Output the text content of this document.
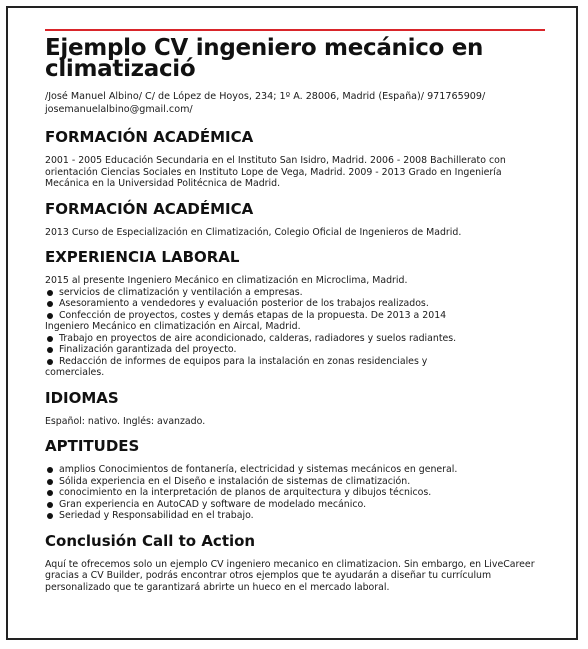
Ejemplo CV ingeniero mecánico en climatizació
/José Manuel Albino/ C/ de López de Hoyos, 234; 1º A. 28006, Madrid (España)/ 971765909/ josemanuelalbino@gmail.com/
FORMACIÓN ACADÉMICA
2001 - 2005 Educación Secundaria en el Instituto San Isidro, Madrid. 2006 - 2008 Bachillerato con orientación Ciencias Sociales en Instituto Lope de Vega, Madrid. 2009 - 2013 Grado en Ingeniería Mecánica en la Universidad Politécnica de Madrid.
FORMACIÓN ACADÉMICA
2013 Curso de Especialización en Climatización, Colegio Oficial de Ingenieros de Madrid.
EXPERIENCIA LABORAL
2015 al presente Ingeniero Mecánico en climatización en Microclima, Madrid.
servicios de climatización y ventilación a empresas.
Asesoramiento a vendedores y evaluación posterior de los trabajos realizados.
Confección de proyectos, costes y demás etapas de la propuesta. De 2013 a 2014
Ingeniero Mecánico en climatización en Aircal, Madrid.
Trabajo en proyectos de aire acondicionado, calderas, radiadores y suelos radiantes.
Finalización garantizada del proyecto.
Redacción de informes de equipos para la instalación en zonas residenciales y
comerciales.
IDIOMAS
Español: nativo. Inglés: avanzado.
APTITUDES
amplios Conocimientos de fontanería, electricidad y sistemas mecánicos en general.
Sólida experiencia en el Diseño e instalación de sistemas de climatización.
conocimiento en la interpretación de planos de arquitectura y dibujos técnicos.
Gran experiencia en AutoCAD y software de modelado mecánico.
Seriedad y Responsabilidad en el trabajo.
Conclusión Call to Action
Aquí te ofrecemos solo un ejemplo CV ingeniero mecanico en climatizacion. Sin embargo, en LiveCareer gracias a CV Builder, podrás encontrar otros ejemplos que te ayudarán a diseñar tu currículum personalizado que te garantizará abrirte un hueco en el mercado laboral.
